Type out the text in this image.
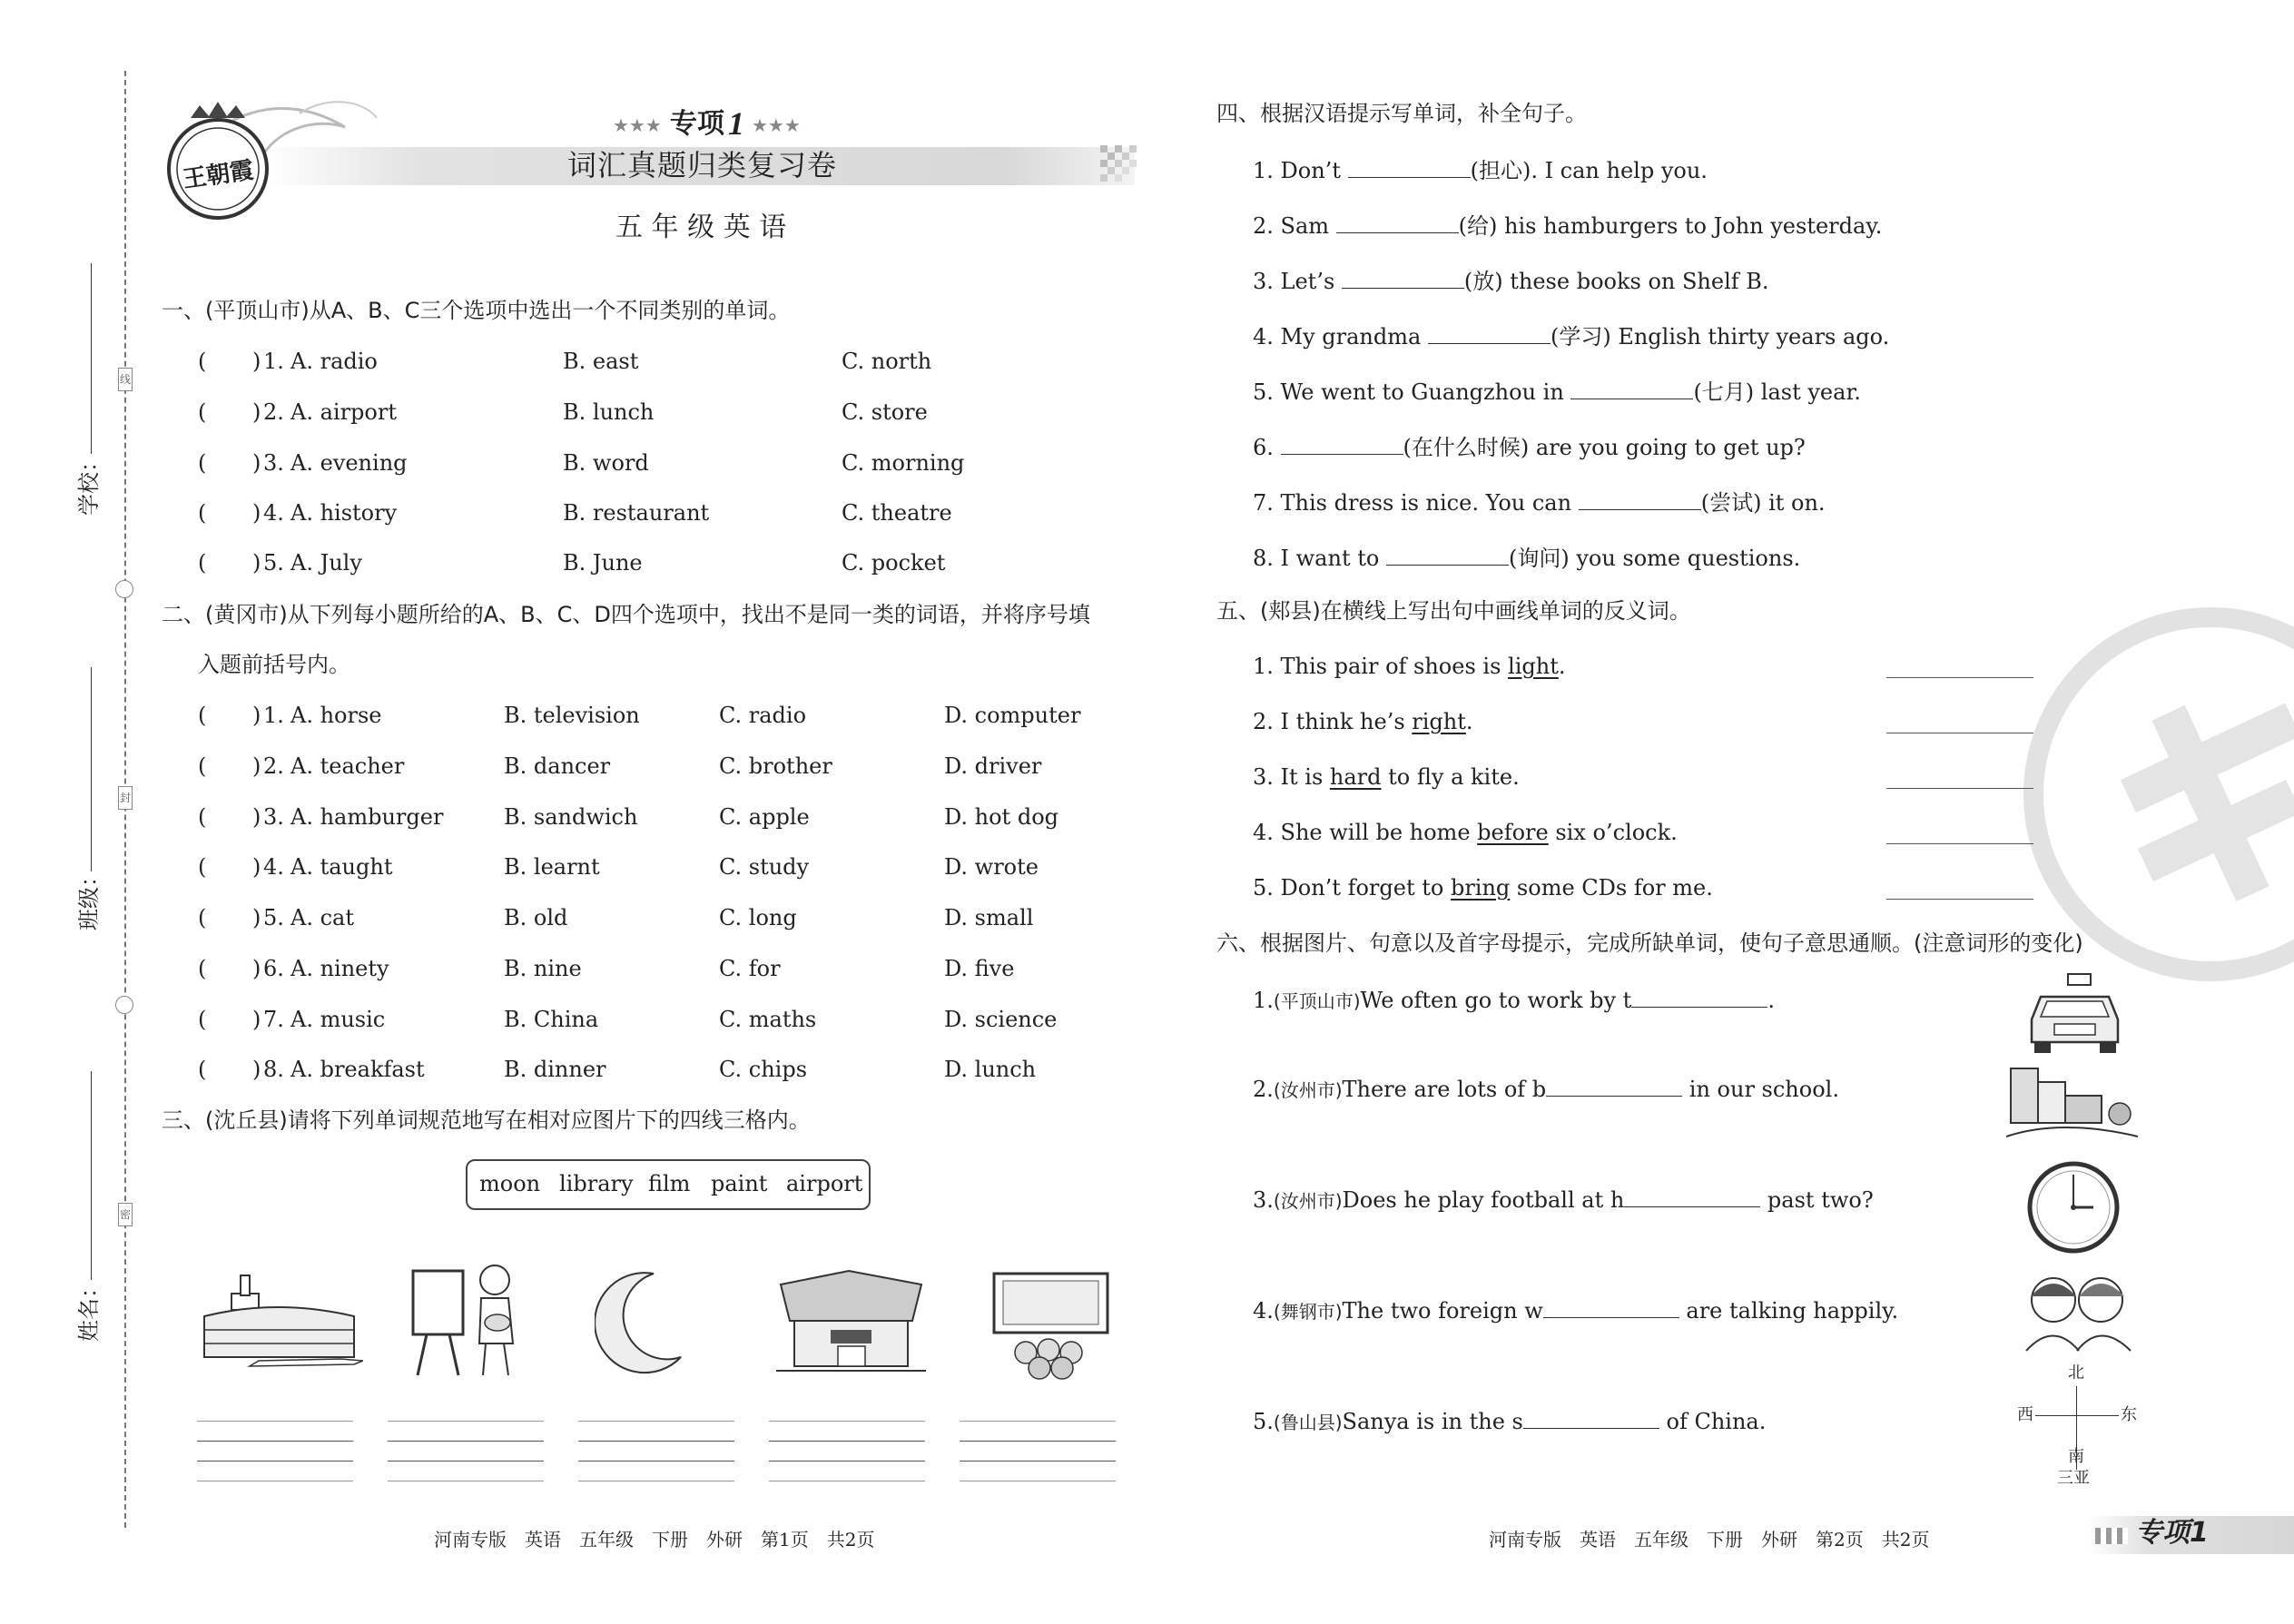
线
封
密
学校：
班级：
姓名：
王朝霞
★★★ 专项 1 ★★★
词汇真题归类复习卷
五 年 级 英 语
一、(平顶山市)从A、B、C三个选项中选出一个不同类别的单词。
( ) 1. A. radio	B. east	C. north
( ) 2. A. airport	B. lunch	C. store
( ) 3. A. evening	B. word	C. morning
( ) 4. A. history	B. restaurant	C. theatre
( ) 5. A. July	B. June	C. pocket
二、(黄冈市)从下列每小题所给的A、B、C、D四个选项中，找出不是同一类的词语，并将序号填
入题前括号内。
( ) 1. A. horse	B. television	C. radio	D. computer
( ) 2. A. teacher	B. dancer	C. brother	D. driver
( ) 3. A. hamburger	B. sandwich	C. apple	D. hot dog
( ) 4. A. taught	B. learnt	C. study	D. wrote
( ) 5. A. cat	B. old	C. long	D. small
( ) 6. A. ninety	B. nine	C. for	D. five
( ) 7. A. music	B. China	C. maths	D. science
( ) 8. A. breakfast	B. dinner	C. chips	D. lunch
三、(沈丘县)请将下列单词规范地写在相对应图片下的四线三格内。
moon library film paint airport
河南专版　英语　五年级　下册　外研　第1页　共2页
四、根据汉语提示写单词，补全句子。
1. Don’t	(担心). I can help you.
2. Sam	(给) his hamburgers to John yesterday.
3. Let’s	(放) these books on Shelf B.
4. My grandma	(学习) English thirty years ago.
5. We went to Guangzhou in	(七月) last year.
6.	(在什么时候) are you going to get up?
7. This dress is nice. You can	(尝试) it on.
8. I want to	(询问) you some questions.
五、(郏县)在横线上写出句中画线单词的反义词。
1. This pair of shoes is light.
2. I think he’s right.
3. It is hard to fly a kite.
4. She will be home before six o’clock.
5. Don’t forget to bring some CDs for me.
六、根据图片、句意以及首字母提示，完成所缺单词，使句子意思通顺。(注意词形的变化)
1.(平顶山市)We often go to work by t	.
2.(汝州市)There are lots of b	in our school.
3.(汝州市)Does he play football at h	past two?
4.(舞钢市)The two foreign w	are talking happily.
5.(鲁山县)Sanya is in the s	of China.
北
西	东
南
三亚
河南专版　英语　五年级　下册　外研　第2页　共2页	专项1
